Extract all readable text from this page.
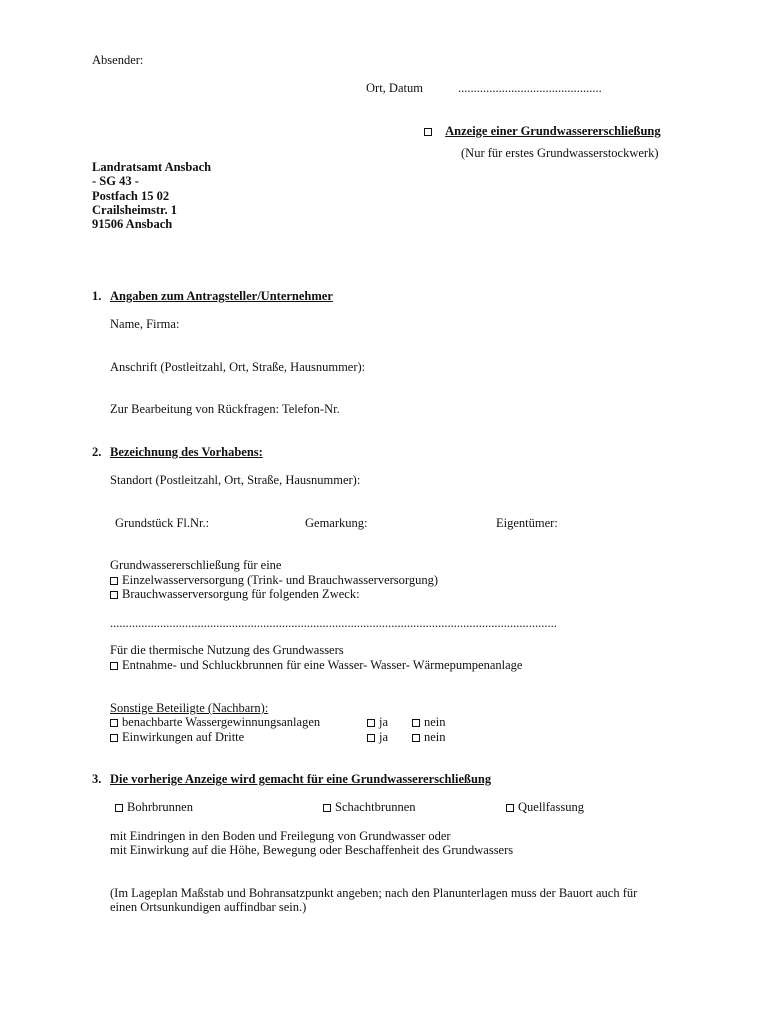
Absender:
Ort, Datum	..............................................
Anzeige einer Grundwassererschließung
(Nur für erstes Grundwasserstockwerk)
Landratsamt Ansbach
- SG 43 -
Postfach 15 02
Crailsheimstr. 1
91506 Ansbach
1. Angaben zum Antragsteller/Unternehmer
Name, Firma:
Anschrift (Postleitzahl, Ort, Straße, Hausnummer):
Zur Bearbeitung von Rückfragen: Telefon-Nr.
2. Bezeichnung des Vorhabens:
Standort (Postleitzahl, Ort, Straße, Hausnummer):
Grundstück Fl.Nr.:	Gemarkung:	Eigentümer:
Grundwassererschließung für eine
Einzelwasserversorgung (Trink- und Brauchwasserversorgung)
Brauchwasserversorgung für folgenden Zweck:
...............................................................................................................................................
Für die thermische Nutzung des Grundwassers
Entnahme- und Schluckbrunnen für eine Wasser- Wasser- Wärmepumpenanlage
Sonstige Beteiligte (Nachbarn):
benachbarte Wassergewinnungsanlagen	ja	nein
Einwirkungen auf Dritte	ja	nein
3. Die vorherige Anzeige wird gemacht für eine Grundwassererschließung
Bohrbrunnen	Schachtbrunnen	Quellfassung
mit Eindringen in den Boden und Freilegung von Grundwasser oder
mit Einwirkung auf die Höhe, Bewegung oder Beschaffenheit des Grundwassers
(Im Lageplan Maßstab und Bohransatzpunkt angeben; nach den Planunterlagen muss der Bauort auch für
einen Ortsunkundigen auffindbar sein.)
